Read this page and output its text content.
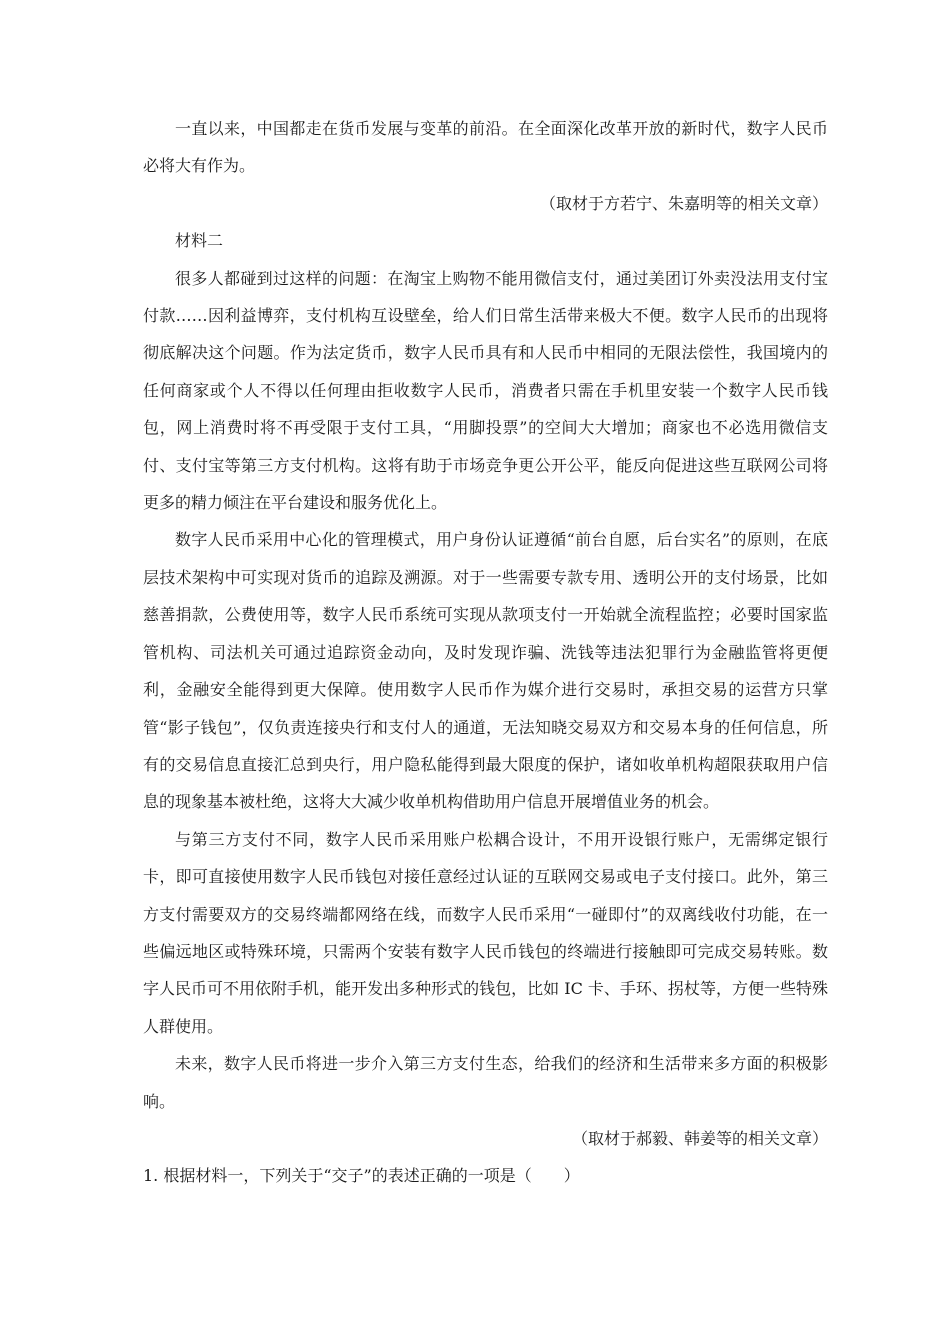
一直以来，中国都走在货币发展与变革的前沿。在全面深化改革开放的新时代，数字人民币必将大有作为。

（取材于方若宁、朱嘉明等的相关文章）

材料二

很多人都碰到过这样的问题：在淘宝上购物不能用微信支付，通过美团订外卖没法用支付宝付款……因利益博弈，支付机构互设壁垒，给人们日常生活带来极大不便。数字人民币的出现将彻底解决这个问题。作为法定货币，数字人民币具有和人民币中相同的无限法偿性，我国境内的任何商家或个人不得以任何理由拒收数字人民币，消费者只需在手机里安装一个数字人民币钱包，网上消费时将不再受限于支付工具，“用脚投票”的空间大大增加；商家也不必选用微信支付、支付宝等第三方支付机构。这将有助于市场竞争更公开公平，能反向促进这些互联网公司将更多的精力倾注在平台建设和服务优化上。

数字人民币采用中心化的管理模式，用户身份认证遵循“前台自愿，后台实名”的原则，在底层技术架构中可实现对货币的追踪及溯源。对于一些需要专款专用、透明公开的支付场景，比如慈善捐款，公费使用等，数字人民币系统可实现从款项支付一开始就全流程监控；必要时国家监管机构、司法机关可通过追踪资金动向，及时发现诈骗、洗钱等违法犯罪行为金融监管将更便利，金融安全能得到更大保障。使用数字人民币作为媒介进行交易时，承担交易的运营方只掌管“影子钱包”，仅负责连接央行和支付人的通道，无法知晓交易双方和交易本身的任何信息，所有的交易信息直接汇总到央行，用户隐私能得到最大限度的保护，诸如收单机构超限获取用户信息的现象基本被杜绝，这将大大减少收单机构借助用户信息开展增值业务的机会。

与第三方支付不同，数字人民币采用账户松耦合设计，不用开设银行账户，无需绑定银行卡，即可直接使用数字人民币钱包对接任意经过认证的互联网交易或电子支付接口。此外，第三方支付需要双方的交易终端都网络在线，而数字人民币采用“一碰即付”的双离线收付功能，在一些偏远地区或特殊环境，只需两个安装有数字人民币钱包的终端进行接触即可完成交易转账。数字人民币可不用依附手机，能开发出多种形式的钱包，比如 IC 卡、手环、拐杖等，方便一些特殊人群使用。

未来，数字人民币将进一步介入第三方支付生态，给我们的经济和生活带来多方面的积极影响。

（取材于郝毅、韩姜等的相关文章）

1. 根据材料一，下列关于“交子”的表述正确的一项是（　　）
